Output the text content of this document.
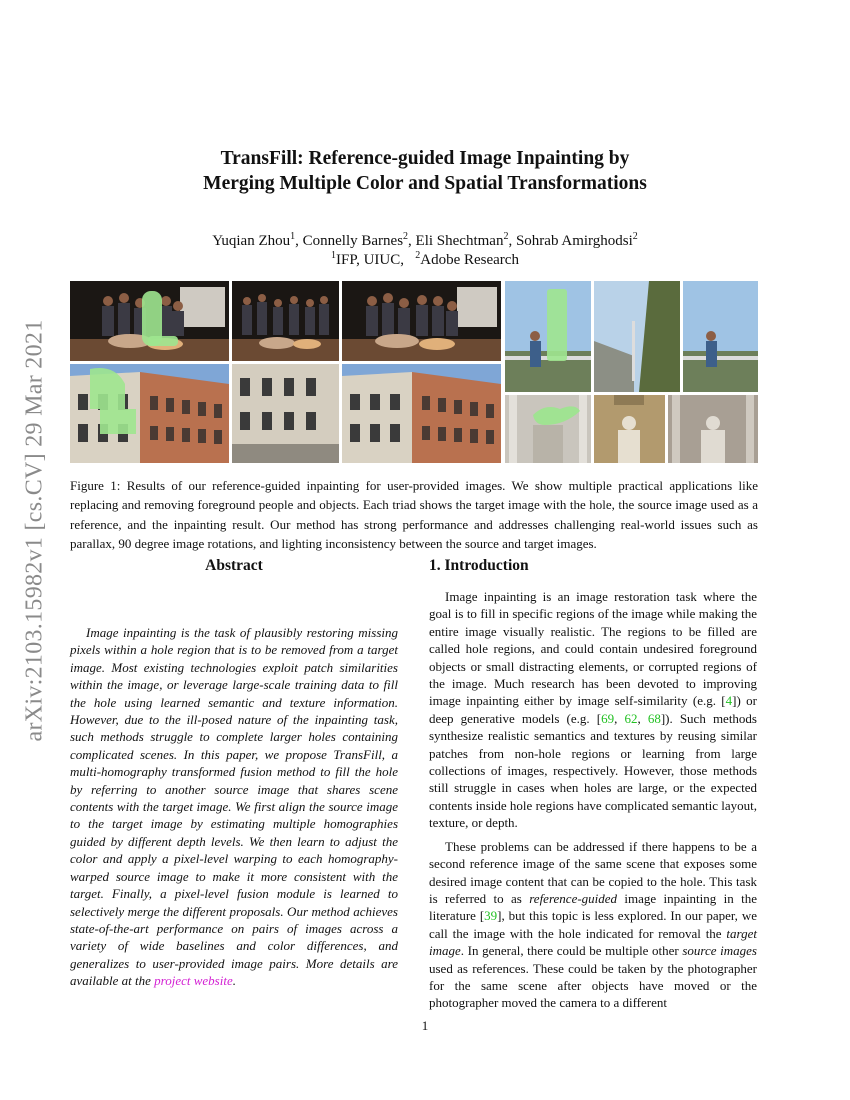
arXiv:2103.15982v1 [cs.CV] 29 Mar 2021
TransFill: Reference-guided Image Inpainting by
Merging Multiple Color and Spatial Transformations
Yuqian Zhou$^1$, Connelly Barnes$^2$, Eli Shechtman$^2$, Sohrab Amirghodsi$^2$
$^1$IFP, UIUC, $^2$Adobe Research
Figure 1: Results of our reference-guided inpainting for user-provided images. We show multiple practical applications like replacing and removing foreground people and objects. Each triad shows the target image with the hole, the source image used as a reference, and the inpainting result. Our method has strong performance and addresses challenging real-world issues such as parallax, 90 degree image rotations, and lighting inconsistency between the source and target images.
Abstract

Image inpainting is the task of plausibly restoring missing pixels within a hole region that is to be removed from a target image. Most existing technologies exploit patch similarities within the image, or leverage large-scale training data to fill the hole using learned semantic and texture information. However, due to the ill-posed nature of the inpainting task, such methods struggle to complete larger holes containing complicated scenes. In this paper, we propose TransFill, a multi-homography transformed fusion method to fill the hole by referring to another source image that shares scene contents with the target image. We first align the source image to the target image by estimating multiple homographies guided by different depth levels. We then learn to adjust the color and apply a pixel-level warping to each homography-warped source image to make it more consistent with the target. Finally, a pixel-level fusion module is learned to selectively merge the different proposals. Our method achieves state-of-the-art performance on pairs of images across a variety of wide baselines and color differences, and generalizes to user-provided image pairs. More details are available at the project website.

1. Introduction

Image inpainting is an image restoration task where the goal is to fill in specific regions of the image while making the entire image visually realistic. The regions to be filled are called hole regions, and could contain undesired foreground objects or small distracting elements, or corrupted regions of the image. Much research has been devoted to improving image inpainting either by image self-similarity (e.g. [4]) or deep generative models (e.g. [69, 62, 68]). Such methods synthesize realistic semantics and textures by reusing similar patches from non-hole regions or learning from large collections of images, respectively. However, those methods still struggle in cases when holes are large, or the expected contents inside hole regions have complicated semantic layout, texture, or depth.

These problems can be addressed if there happens to be a second reference image of the same scene that exposes some desired image content that can be copied to the hole. This task is referred to as reference-guided image inpainting in the literature [39], but this topic is less explored. In our paper, we call the image with the hole indicated for removal the target image. In general, there could be multiple other source images used as references. These could be taken by the photographer for the same scene after objects have moved or the photographer moved the camera to a different

1
